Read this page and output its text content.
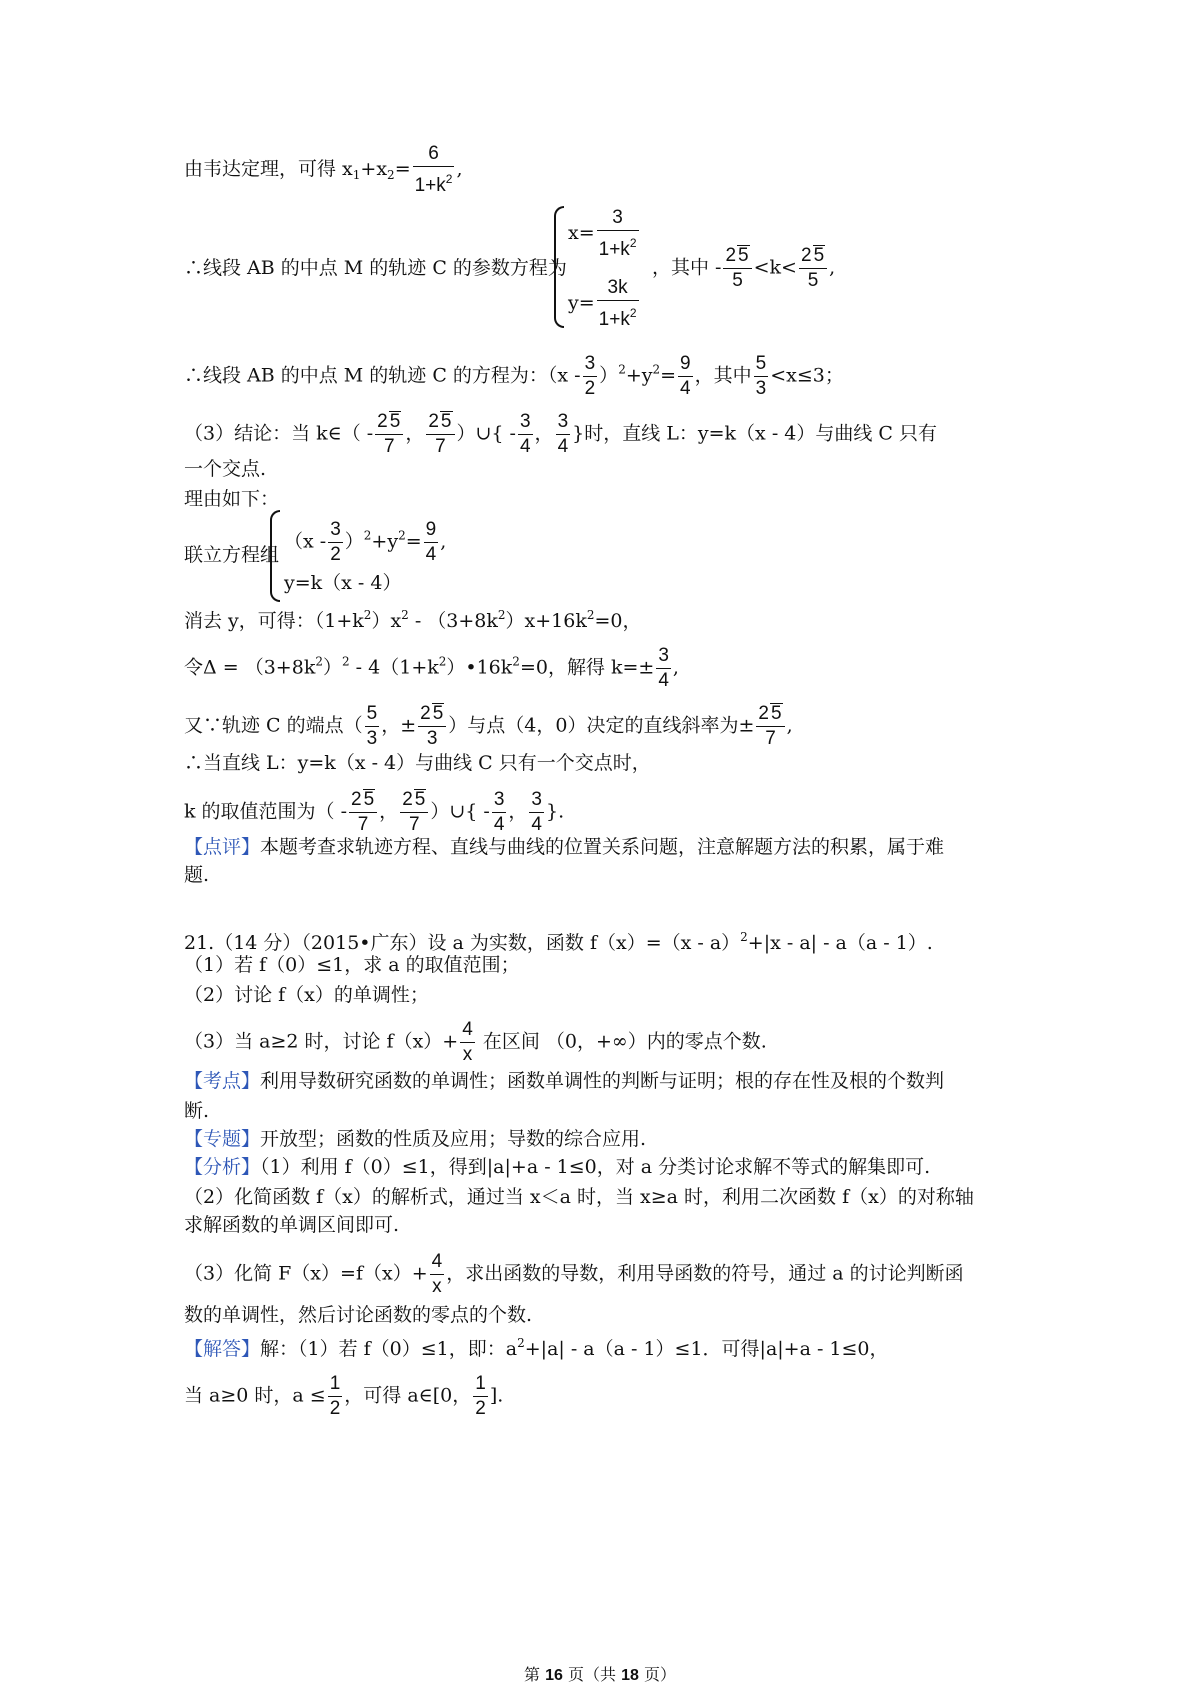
由韦达定理，可得 $x_1+x_2= \frac{6}{1+k^2}$ ,
∴线段 AB 的中点 M 的轨迹 C 的参数方程为
$x= \frac{3}{1+k^2}$
$y= \frac{3k}{1+k^2}$
，其中 - $\frac{2 5}{5} <k< \frac{2 5}{5}$ ,
∴线段 AB 的中点 M 的轨迹 C 的方程为：$(x - \frac{3}{2} )^2+y^2= \frac{9}{4}$ ，其中 $\frac{5}{3} <x\le 3$；
（3）结论：当 k∈（ - $\frac{2 5}{7}$ ， $\frac{2 5}{7}$ ）∪{ - $\frac{3}{4}$ ， $\frac{3}{4}$ }时，直线 L：y=k（x - 4）与曲线 C 只有
一个交点.
理由如下：
联立方程组
$(x - \frac{3}{2} )^2+y^2= \frac{9}{4}$ ,
y=k（x - 4）
消去 y，可得：$(1+k^2)x^2 - (3+8k^2)x+16k^2=0$，
令$\Delta = (3+8k^2)^2$ - $4(1+k^2)•16k^2=0$，解得 $k=\pm \frac{3}{4}$ ,
又∵轨迹 C 的端点（ $\frac{5}{3}$ ，± $\frac{2 5}{3}$ ）与点（4，0）决定的直线斜率为± $\frac{2 5}{7}$ ,
∴当直线 L：y=k（x - 4）与曲线 C 只有一个交点时，
k 的取值范围为（ - $\frac{2 5}{7}$ ， $\frac{2 5}{7}$ ）∪{ - $\frac{3}{4}$ ， $\frac{3}{4}$ }.
【点评】本题考查求轨迹方程、直线与曲线的位置关系问题，注意解题方法的积累，属于难
题.
21.（14 分）（2015•广东）设 a 为实数，函数 f（x）=（x - a）$^2$+|x - a| - a（a - 1）.
（1）若 f（0）≤1，求 a 的取值范围；
（2）讨论 f（x）的单调性；
（3）当 a≥2 时，讨论 $f(x)+ \frac{4}{x}$ 在区间 （0，+∞）内的零点个数.
【考点】利用导数研究函数的单调性；函数单调性的判断与证明；根的存在性及根的个数判
断.
【专题】开放型；函数的性质及应用；导数的综合应用.
【分析】（1）利用 f（0）≤1，得到|a|+a - 1≤0，对 a 分类讨论求解不等式的解集即可.
（2）化简函数 f（x）的解析式，通过当 x＜a 时，当 x≥a 时，利用二次函数 f（x）的对称轴
求解函数的单调区间即可.
（3）化简 $F(x)=f(x)+ \frac{4}{x}$ ，求出函数的导数，利用导函数的符号，通过 a 的讨论判断函
数的单调性，然后讨论函数的零点的个数.
【解答】解：（1）若 f（0）≤1，即：$a^2+|a| - a(a - 1)\le 1$．可得|a|+a - 1≤0，
当 a≥0 时，$a \le \frac{1}{2}$ ，可得 a∈[0， $\frac{1}{2}$ ].
第 16 页（共 18 页）
